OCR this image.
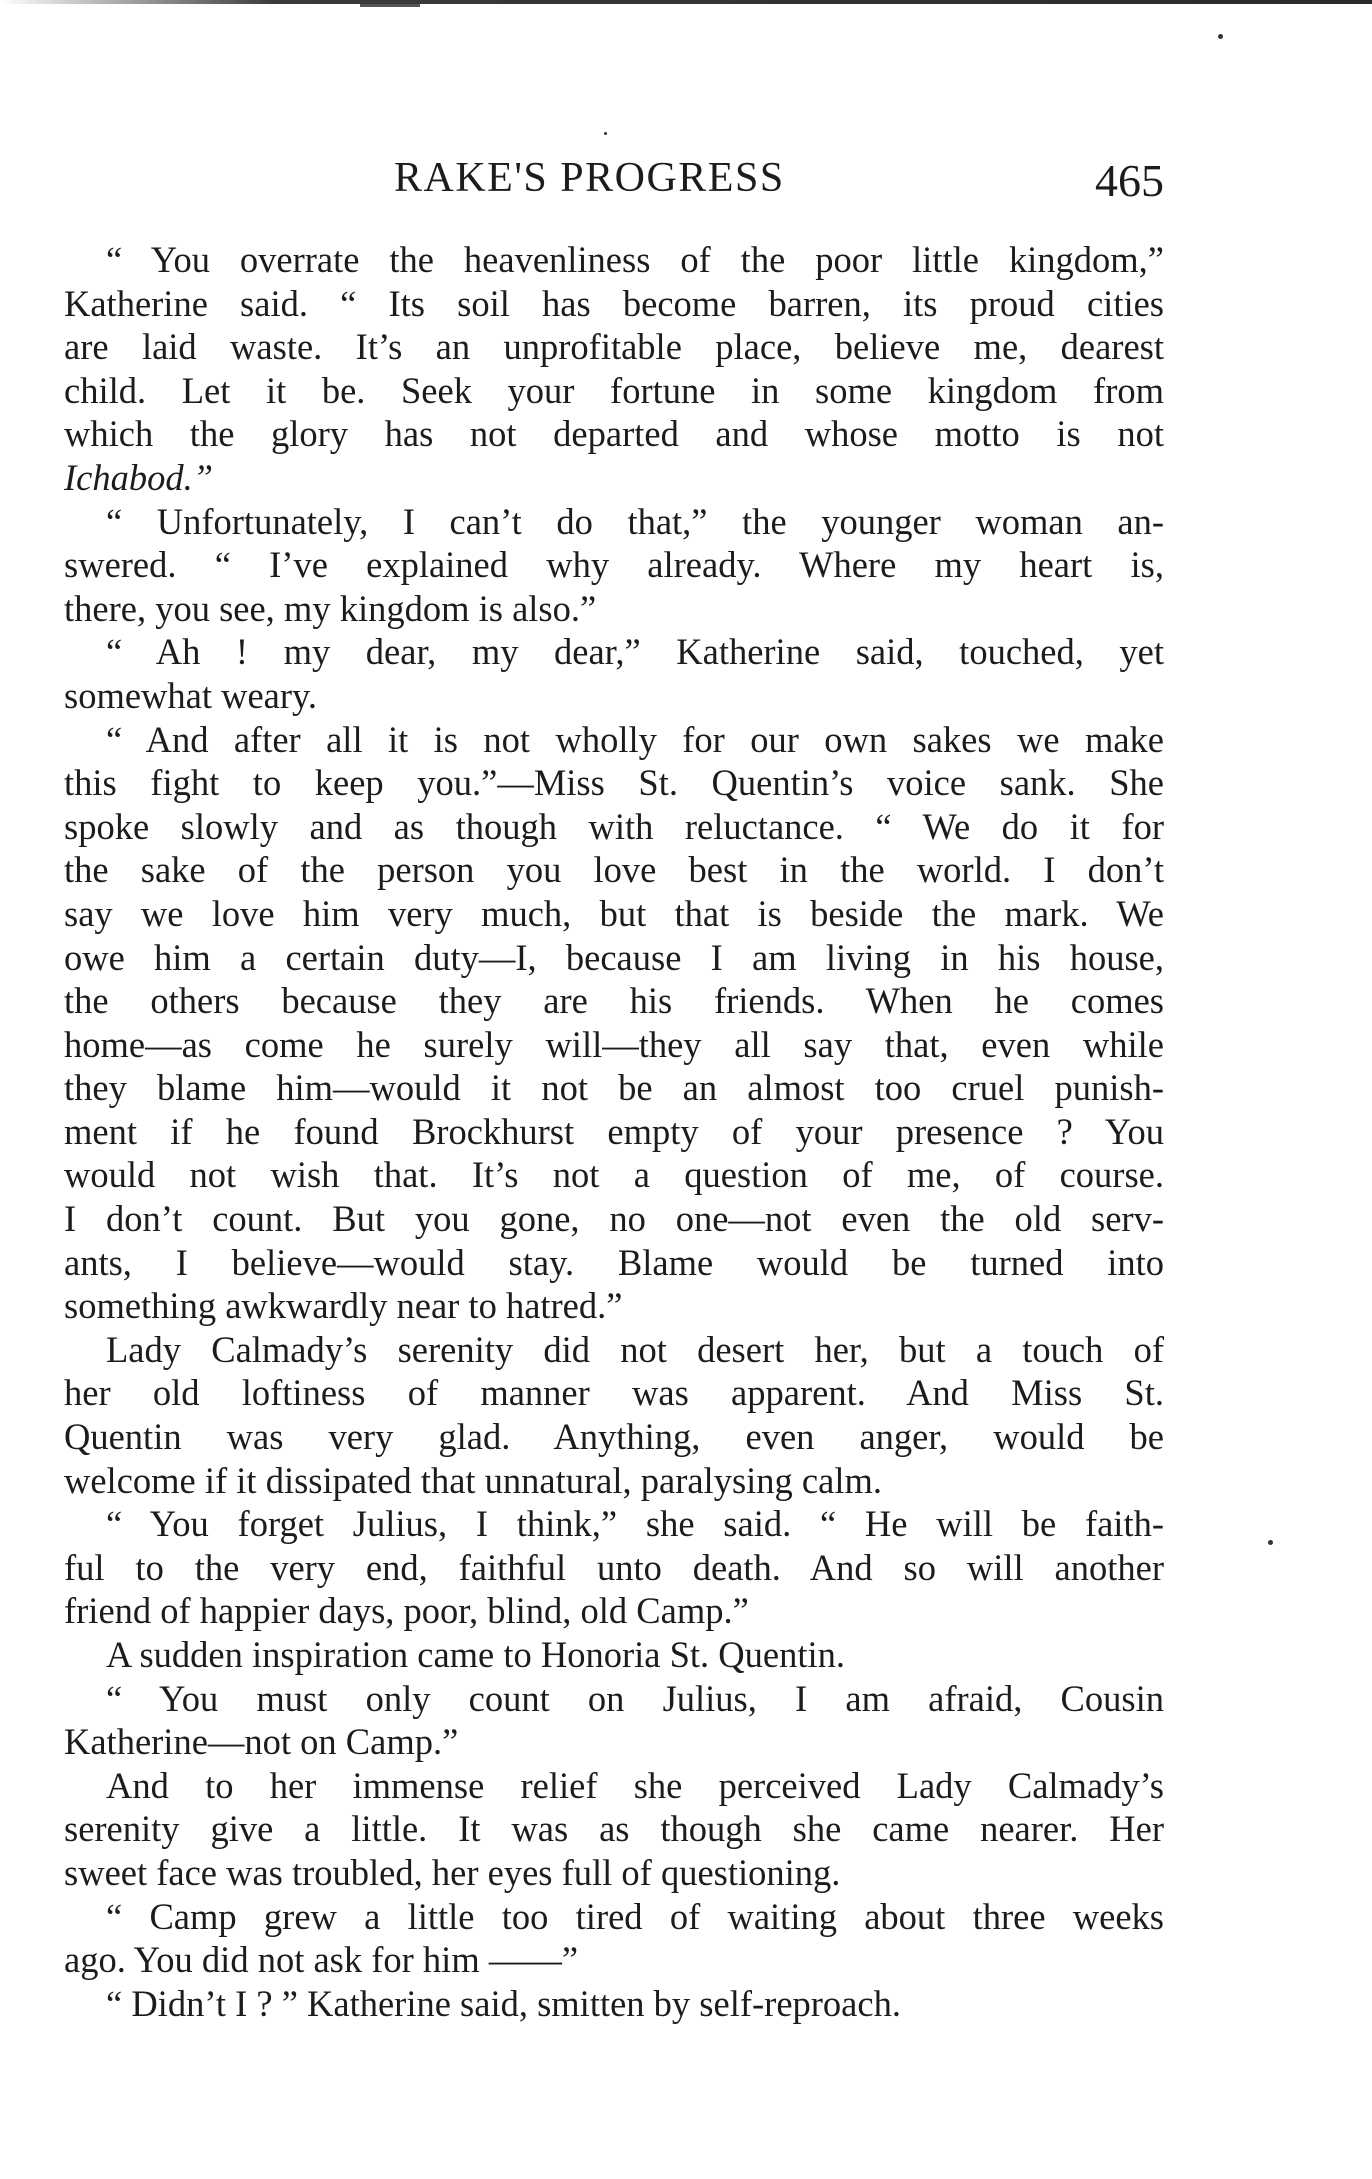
RAKE'S PROGRESS	465
“ You overrate the heavenliness of the poor little kingdom,”
Katherine said. “ Its soil has become barren, its proud cities
are laid waste. It’s an unprofitable place, believe me, dearest
child. Let it be. Seek your fortune in some kingdom from
which the glory has not departed and whose motto is not
Ichabod.”
“ Unfortunately, I can’t do that,” the younger woman an-
swered. “ I’ve explained why already. Where my heart is,
there, you see, my kingdom is also.”
“ Ah ! my dear, my dear,” Katherine said, touched, yet
somewhat weary.
“ And after all it is not wholly for our own sakes we make
this fight to keep you.”—Miss St. Quentin’s voice sank. She
spoke slowly and as though with reluctance. “ We do it for
the sake of the person you love best in the world. I don’t
say we love him very much, but that is beside the mark. We
owe him a certain duty—I, because I am living in his house,
the others because they are his friends. When he comes
home—as come he surely will—they all say that, even while
they blame him—would it not be an almost too cruel punish-
ment if he found Brockhurst empty of your presence ? You
would not wish that. It’s not a question of me, of course.
I don’t count. But you gone, no one—not even the old serv-
ants, I believe—would stay. Blame would be turned into
something awkwardly near to hatred.”
Lady Calmady’s serenity did not desert her, but a touch of
her old loftiness of manner was apparent. And Miss St.
Quentin was very glad. Anything, even anger, would be
welcome if it dissipated that unnatural, paralysing calm.
“ You forget Julius, I think,” she said. “ He will be faith-
ful to the very end, faithful unto death. And so will another
friend of happier days, poor, blind, old Camp.”
A sudden inspiration came to Honoria St. Quentin.
“ You must only count on Julius, I am afraid, Cousin
Katherine—not on Camp.”
And to her immense relief she perceived Lady Calmady’s
serenity give a little. It was as though she came nearer. Her
sweet face was troubled, her eyes full of questioning.
“ Camp grew a little too tired of waiting about three weeks
ago. You did not ask for him ——”
“ Didn’t I ? ” Katherine said, smitten by self-reproach.
